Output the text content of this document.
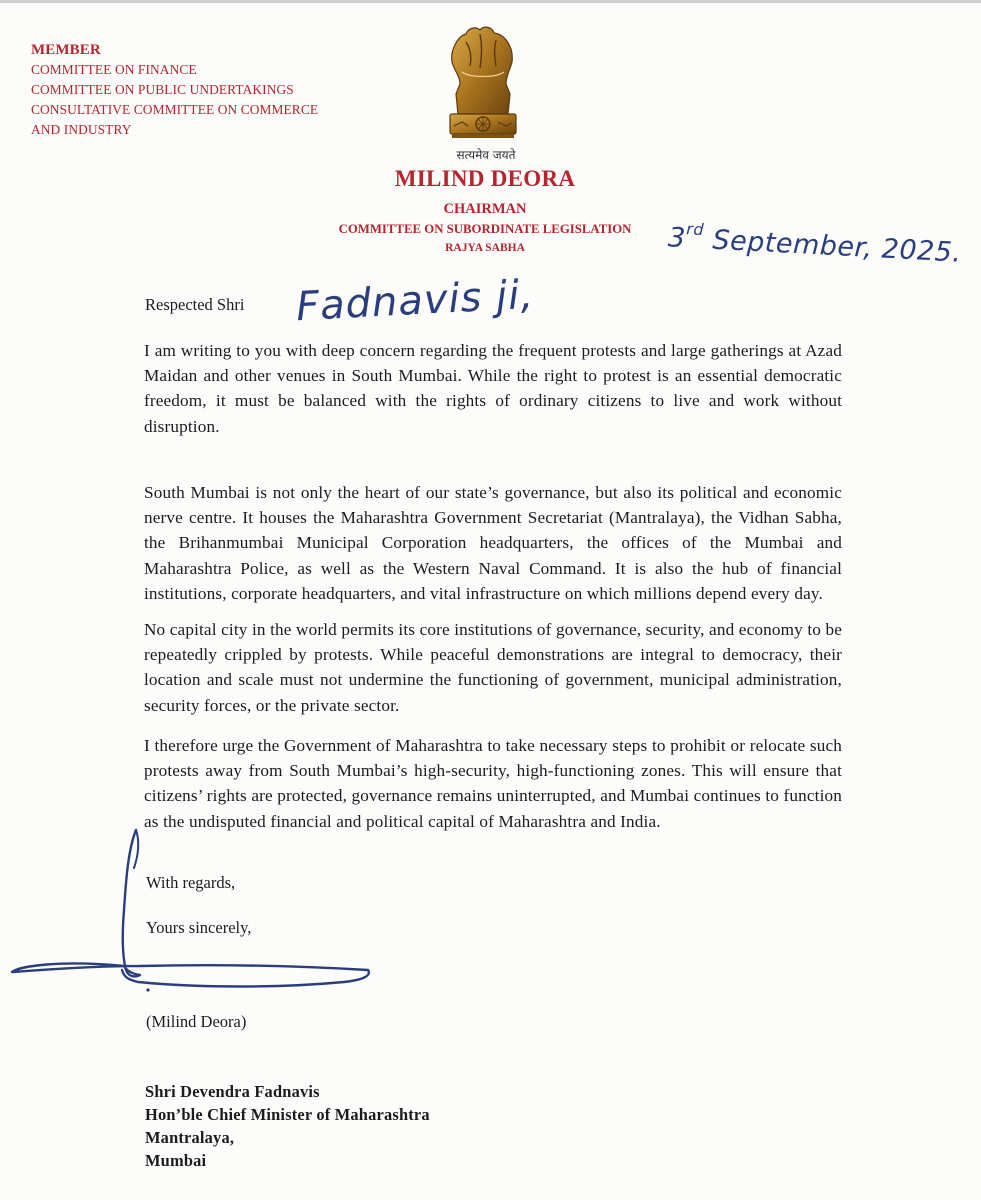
MEMBER
COMMITTEE ON FINANCE
COMMITTEE ON PUBLIC UNDERTAKINGS
CONSULTATIVE COMMITTEE ON COMMERCE
AND INDUSTRY
सत्यमेव जयते
MILIND DEORA
CHAIRMAN
COMMITTEE ON SUBORDINATE LEGISLATION
RAJYA SABHA	3rd September, 2025.
Respected Shri Fadnavis ji,

I am writing to you with deep concern regarding the frequent protests and large gatherings at Azad Maidan and other venues in South Mumbai. While the right to protest is an essential democratic freedom, it must be balanced with the rights of ordinary citizens to live and work without disruption.

South Mumbai is not only the heart of our state’s governance, but also its political and economic nerve centre. It houses the Maharashtra Government Secretariat (Mantralaya), the Vidhan Sabha, the Brihanmumbai Municipal Corporation headquarters, the offices of the Mumbai and Maharashtra Police, as well as the Western Naval Command. It is also the hub of financial institutions, corporate headquarters, and vital infrastructure on which millions depend every day.

No capital city in the world permits its core institutions of governance, security, and economy to be repeatedly crippled by protests. While peaceful demonstrations are integral to democracy, their location and scale must not undermine the functioning of government, municipal administration, security forces, or the private sector.

I therefore urge the Government of Maharashtra to take necessary steps to prohibit or relocate such protests away from South Mumbai’s high-security, high-functioning zones. This will ensure that citizens’ rights are protected, governance remains uninterrupted, and Mumbai continues to function as the undisputed financial and political capital of Maharashtra and India.

With regards,
Yours sincerely,
(Milind Deora)
Shri Devendra Fadnavis
Hon’ble Chief Minister of Maharashtra
Mantralaya,
Mumbai
